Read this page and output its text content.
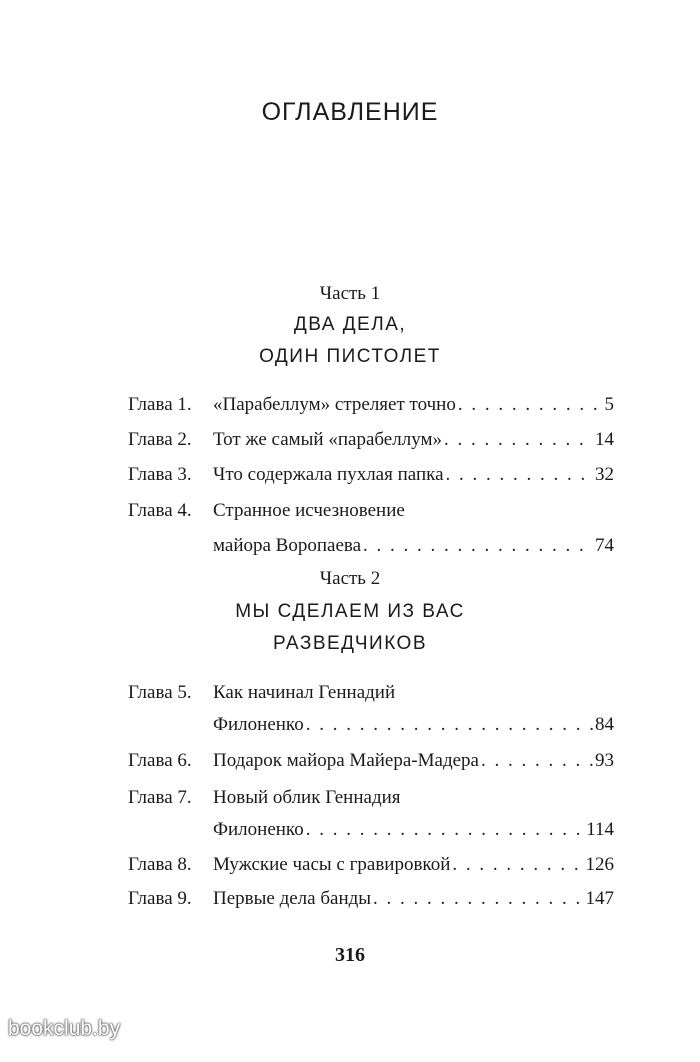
ОГЛАВЛЕНИЕ
Часть 1
ДВА ДЕЛА,
ОДИН ПИСТОЛЕТ
Глава 1.	«Парабеллум» стреляет точно . . .	5
Глава 2.	Тот же самый «парабеллум» . . .	14
Глава 3.	Что содержала пухлая папка . . .	32
Глава 4.	Странное исчезновение
майора Воропаева . . .	74
Часть 2
МЫ СДЕЛАЕМ ИЗ ВАС
РАЗВЕДЧИКОВ
Глава 5.	Как начинал Геннадий
Филоненко . . .	84
Глава 6.	Подарок майора Майера-Мадера . . .	93
Глава 7.	Новый облик Геннадия
Филоненко . . .	114
Глава 8.	Мужские часы с гравировкой . . .	126
Глава 9.	Первые дела банды . . .	147
316
bookclub.by
